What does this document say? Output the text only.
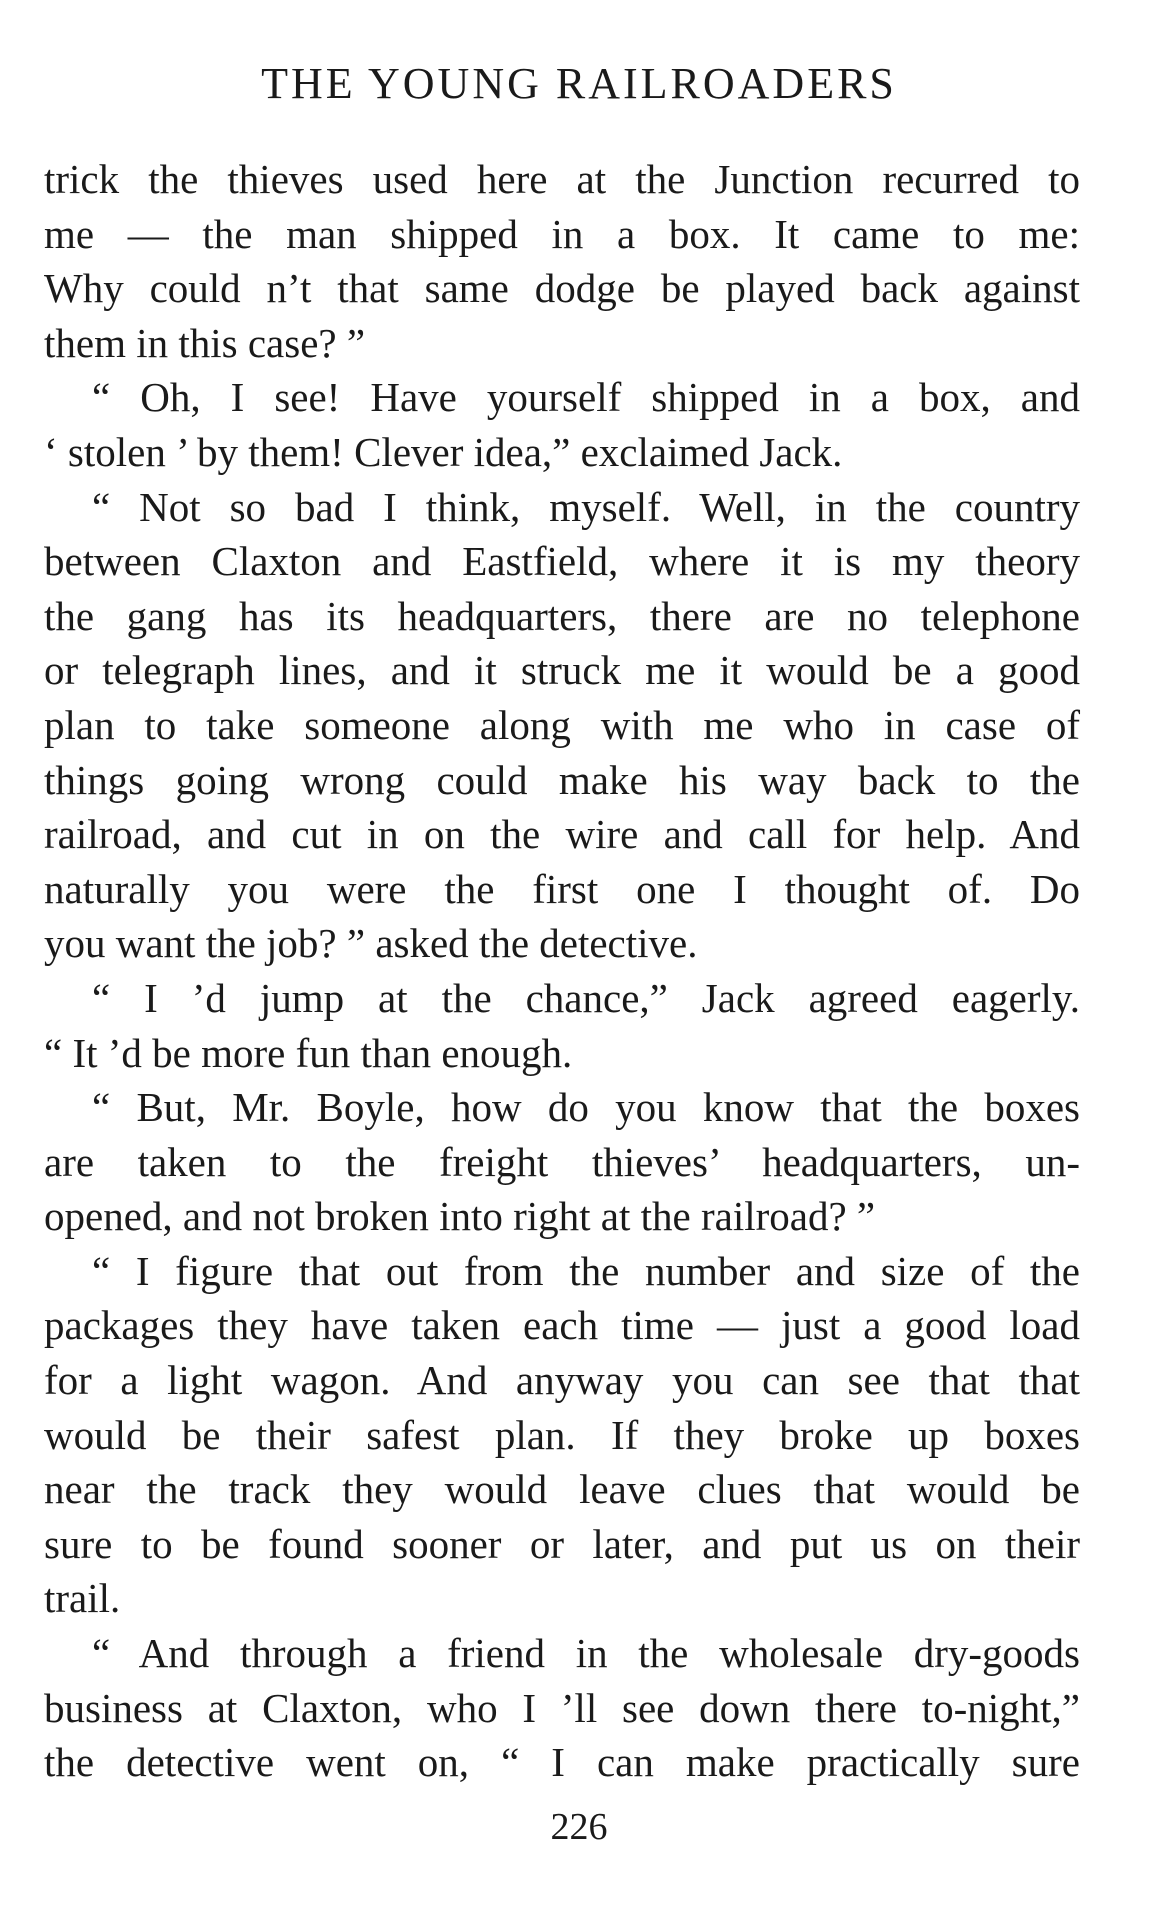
THE YOUNG RAILROADERS
trick the thieves used here at the Junction recurred to
me — the man shipped in a box. It came to me:
Why could n’t that same dodge be played back against
them in this case? ”
“ Oh, I see! Have yourself shipped in a box, and
‘ stolen ’ by them! Clever idea,” exclaimed Jack.
“ Not so bad I think, myself. Well, in the country
between Claxton and Eastfield, where it is my theory
the gang has its headquarters, there are no telephone
or telegraph lines, and it struck me it would be a good
plan to take someone along with me who in case of
things going wrong could make his way back to the
railroad, and cut in on the wire and call for help. And
naturally you were the first one I thought of. Do
you want the job? ” asked the detective.
“ I ’d jump at the chance,” Jack agreed eagerly.
“ It ’d be more fun than enough.
“ But, Mr. Boyle, how do you know that the boxes
are taken to the freight thieves’ headquarters, un-
opened, and not broken into right at the railroad? ”
“ I figure that out from the number and size of the
packages they have taken each time — just a good load
for a light wagon. And anyway you can see that that
would be their safest plan. If they broke up boxes
near the track they would leave clues that would be
sure to be found sooner or later, and put us on their
trail.
“ And through a friend in the wholesale dry-goods
business at Claxton, who I ’ll see down there to-night,”
the detective went on, “ I can make practically sure
226
